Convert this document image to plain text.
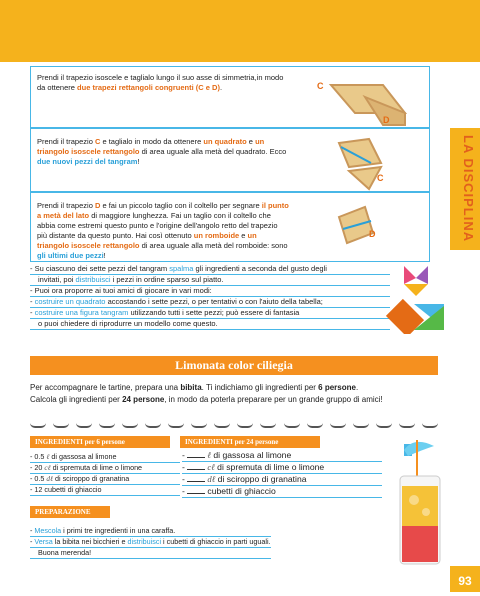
LA DISCIPLINA
93
Prendi il trapezio isoscele e taglialo lungo il suo asse di simmetria,in modo da ottenere due trapezi rettangoli congruenti (C e D).	C
D
Prendi il trapezio C e taglialo in modo da ottenere un quadrato e un triangolo isoscele rettangolo di area uguale alla metà del quadrato. Ecco due nuovi pezzi del tangram!
C
Prendi il trapezio D e fai un piccolo taglio con il coltello per segnare il punto a metà del lato di maggiore lunghezza. Fai un taglio con il coltello che abbia come estremi questo punto e l'origine dell'angolo retto del trapezio più distante da questo punto. Hai così ottenuto un romboide e un triangolo isoscele rettangolo di area uguale alla metà del romboide: sono gli ultimi due pezzi!
D
- Su ciascuno dei sette pezzi del tangram spalma gli ingredienti a seconda del gusto degli
invitati, poi distribuisci i pezzi in ordine sparso sul piatto.
- Puoi ora proporre ai tuoi amici di giocare in vari modi:
- costruire un quadrato accostando i sette pezzi, o per tentativi o con l'aiuto della tabella;
- costruire una figura tangram utilizzando tutti i sette pezzi; può essere di fantasia
o puoi chiedere di riprodurre un modello come questo.
Limonata color ciliegia
Per accompagnare le tartine, prepara una bibita. Ti indichiamo gli ingredienti per 6 persone.
Calcola gli ingredienti per 24 persone, in modo da poterla preparare per un grande gruppo di amici!
INGREDIENTI per 6 persone	INGREDIENTI per 24 persone
- 0.5 ℓ di gassosa al limone
- 20 cℓ di spremuta di lime o limone
- 0.5 dℓ di sciroppo di granatina
- 12 cubetti di ghiaccio
-  ℓ di gassosa al limone
-  cℓ di spremuta di lime o limone
-  dℓ di sciroppo di granatina
-  cubetti di ghiaccio
PREPARAZIONE
- Mescola i primi tre ingredienti in una caraffa.
- Versa la bibita nei bicchieri e distribuisci i cubetti di ghiaccio in parti uguali.
Buona merenda!
